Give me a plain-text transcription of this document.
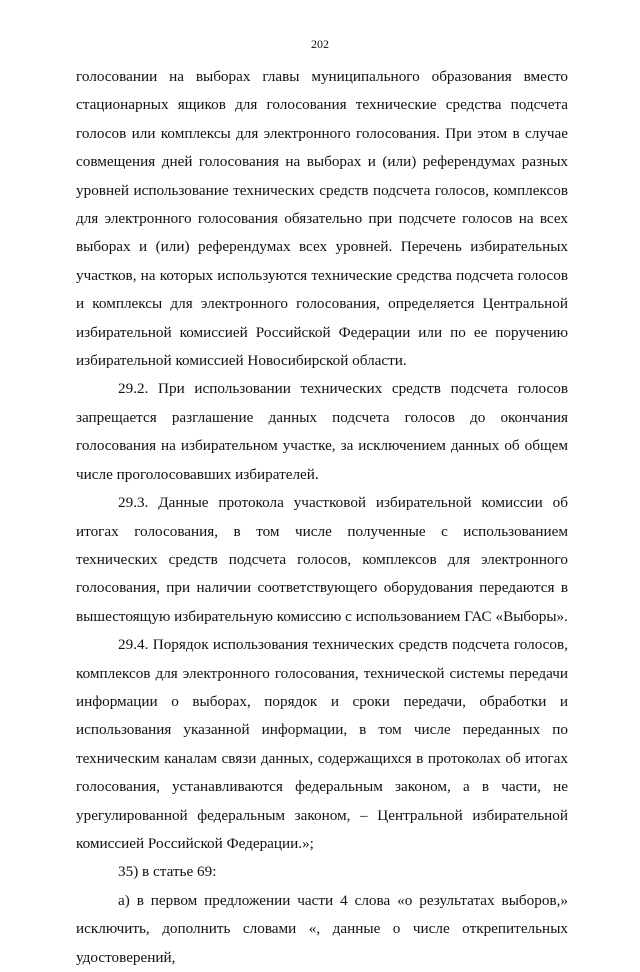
202

голосовании на выборах главы муниципального образования вместо стационарных ящиков для голосования технические средства подсчета голосов или комплексы для электронного голосования. При этом в случае совмещения дней голосования на выборах и (или) референдумах разных уровней использование технических средств подсчета голосов, комплексов для электронного голосования обязательно при подсчете голосов на всех выборах и (или) референдумах всех уровней. Перечень избирательных участков, на которых используются технические средства подсчета голосов и комплексы для электронного голосования, определяется Центральной избирательной комиссией Российской Федерации или по ее поручению избирательной комиссией Новосибирской области.

29.2. При использовании технических средств подсчета голосов запрещается разглашение данных подсчета голосов до окончания голосования на избирательном участке, за исключением данных об общем числе проголосовавших избирателей.

29.3. Данные протокола участковой избирательной комиссии об итогах голосования, в том числе полученные с использованием технических средств подсчета голосов, комплексов для электронного голосования, при наличии соответствующего оборудования передаются в вышестоящую избирательную комиссию с использованием ГАС «Выборы».

29.4. Порядок использования технических средств подсчета голосов, комплексов для электронного голосования, технической системы передачи информации о выборах, порядок и сроки передачи, обработки и использования указанной информации, в том числе переданных по техническим каналам связи данных, содержащихся в протоколах об итогах голосования, устанавливаются федеральным законом, а в части, не урегулированной федеральным законом, – Центральной избирательной комиссией Российской Федерации.»;

35) в статье 69:

а) в первом предложении части 4 слова «о результатах выборов,» исключить, дополнить словами «, данные о числе открепительных удостоверений,
